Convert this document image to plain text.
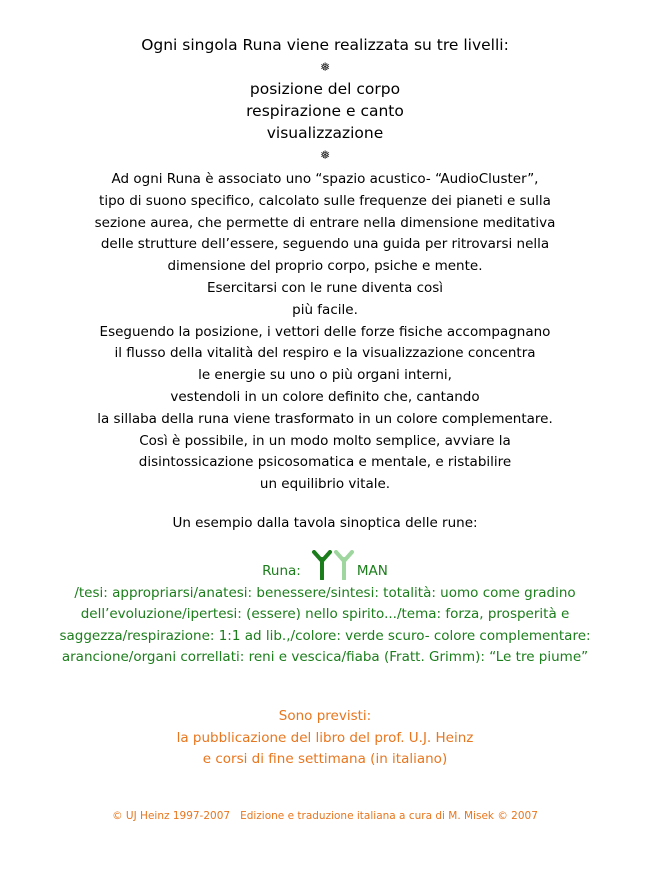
Ogni singola Runa viene realizzata su tre livelli:
❅
posizione del corpo
respirazione e canto
visualizzazione
❅
Ad ogni Runa è associato uno “spazio acustico- “AudioCluster”,
tipo di suono specifico, calcolato sulle frequenze dei pianeti e sulla
sezione aurea, che permette di entrare nella dimensione meditativa
delle strutture dell’essere, seguendo una guida per ritrovarsi nella
dimensione del proprio corpo, psiche e mente.
Esercitarsi con le rune diventa così
più facile.
Eseguendo la posizione, i vettori delle forze fisiche accompagnano
il flusso della vitalità del respiro e la visualizzazione concentra
le energie su uno o più organi interni,
vestendoli in un colore definito che, cantando
la sillaba della runa viene trasformato in un colore complementare.
Così è possibile, in un modo molto semplice, avviare la
disintossicazione psicosomatica e mentale, e ristabilire
un equilibrio vitale.
Un esempio dalla tavola sinoptica delle rune:
Runa:	MAN
/tesi: appropriarsi/anatesi: benessere/sintesi: totalità: uomo come gradino
dell’evoluzione/ipertesi: (essere) nello spirito.../tema: forza, prosperità e
saggezza/respirazione: 1:1 ad lib.,/colore: verde scuro- colore complementare:
arancione/organi correllati: reni e vescica/fiaba (Fratt. Grimm): “Le tre piume”
Sono previsti:
la pubblicazione del libro del prof. U.J. Heinz
e corsi di fine settimana (in italiano)
© UJ Heinz 1997-2007   Edizione e traduzione italiana a cura di M. Misek © 2007
